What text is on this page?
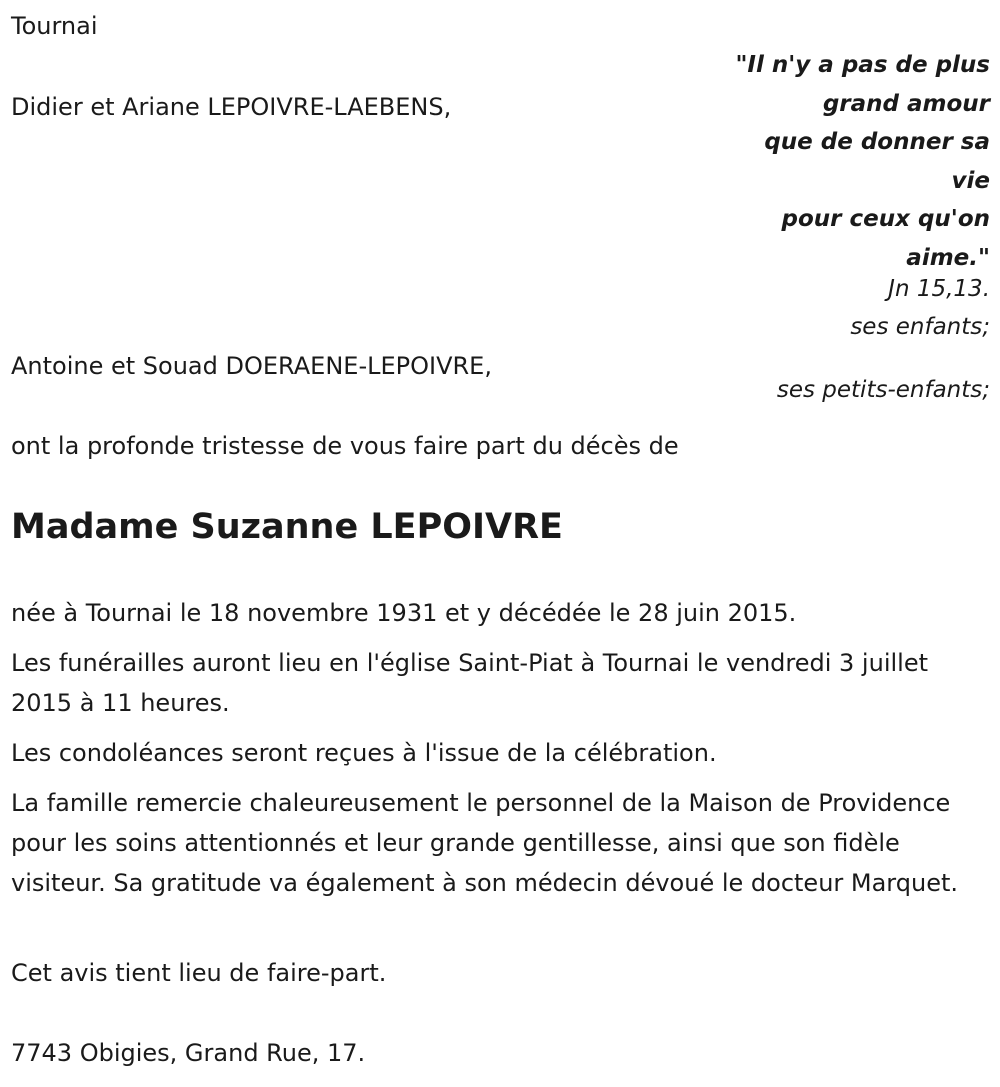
Tournai
Didier et Ariane LEPOIVRE-LAEBENS,
"Il n'y a pas de plus
grand amour
que de donner sa
vie
pour ceux qu'on
aime."
Jn 15,13.
ses enfants;
Antoine et Souad DOERAENE-LEPOIVRE,
ses petits-enfants;
ont la profonde tristesse de vous faire part du décès de
Madame Suzanne LEPOIVRE
née à Tournai le 18 novembre 1931 et y décédée le 28 juin 2015.
Les funérailles auront lieu en l'église Saint-Piat à Tournai le vendredi 3 juillet 2015 à 11 heures.
Les condoléances seront reçues à l'issue de la célébration.
La famille remercie chaleureusement le personnel de la Maison de Providence pour les soins attentionnés et leur grande gentillesse, ainsi que son fidèle visiteur. Sa gratitude va également à son médecin dévoué le docteur Marquet.
Cet avis tient lieu de faire-part.
7743 Obigies, Grand Rue, 17.
